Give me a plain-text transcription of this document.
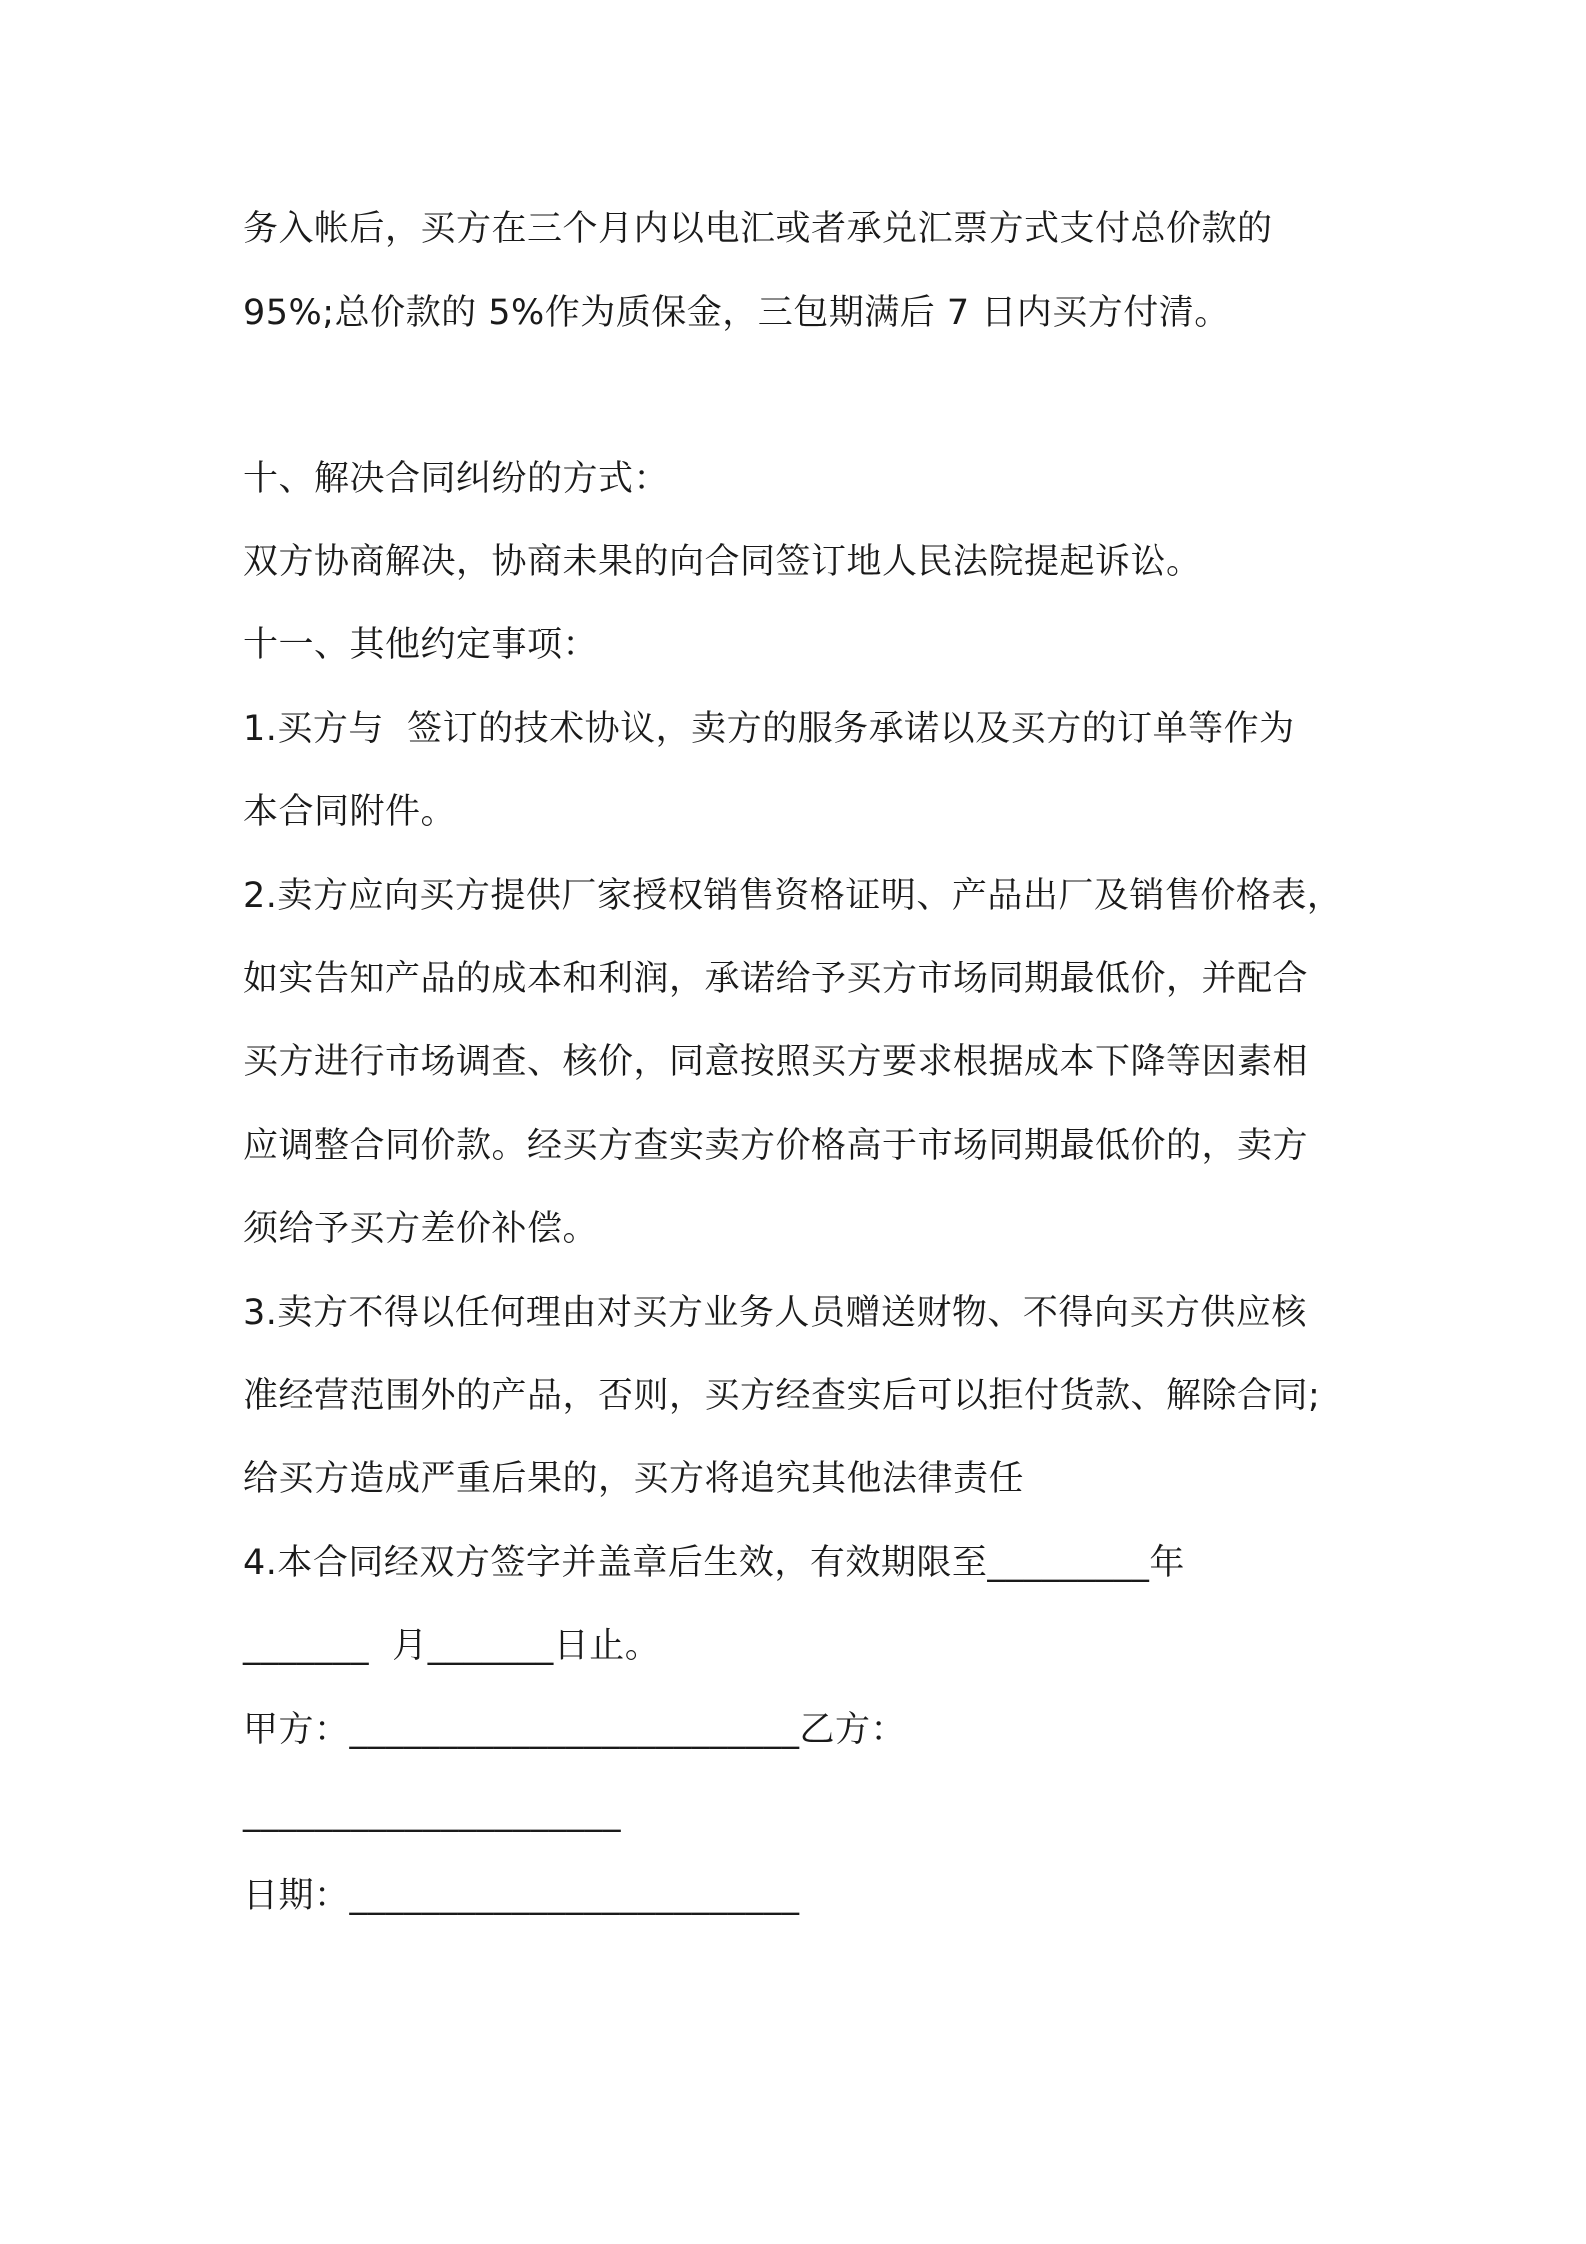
务入帐后，买方在三个月内以电汇或者承兑汇票方式支付总价款的
95%;总价款的 5%作为质保金，三包期满后 7 日内买方付清。
十、解决合同纠纷的方式：
双方协商解决，协商未果的向合同签订地人民法院提起诉讼。
十一、其他约定事项：
1.买方与  签订的技术协议，卖方的服务承诺以及买方的订单等作为
本合同附件。
2.卖方应向买方提供厂家授权销售资格证明、产品出厂及销售价格表，
如实告知产品的成本和利润，承诺给予买方市场同期最低价，并配合
买方进行市场调查、核价，同意按照买方要求根据成本下降等因素相
应调整合同价款。经买方查实卖方价格高于市场同期最低价的，卖方
须给予买方差价补偿。
3.卖方不得以任何理由对买方业务人员赠送财物、不得向买方供应核
准经营范围外的产品，否则，买方经查实后可以拒付货款、解除合同;
给买方造成严重后果的，买方将追究其他法律责任
4.本合同经双方签字并盖章后生效，有效期限至_________年
_______  月_______日止。
甲方：_________________________乙方：
_____________________
日期：_________________________
